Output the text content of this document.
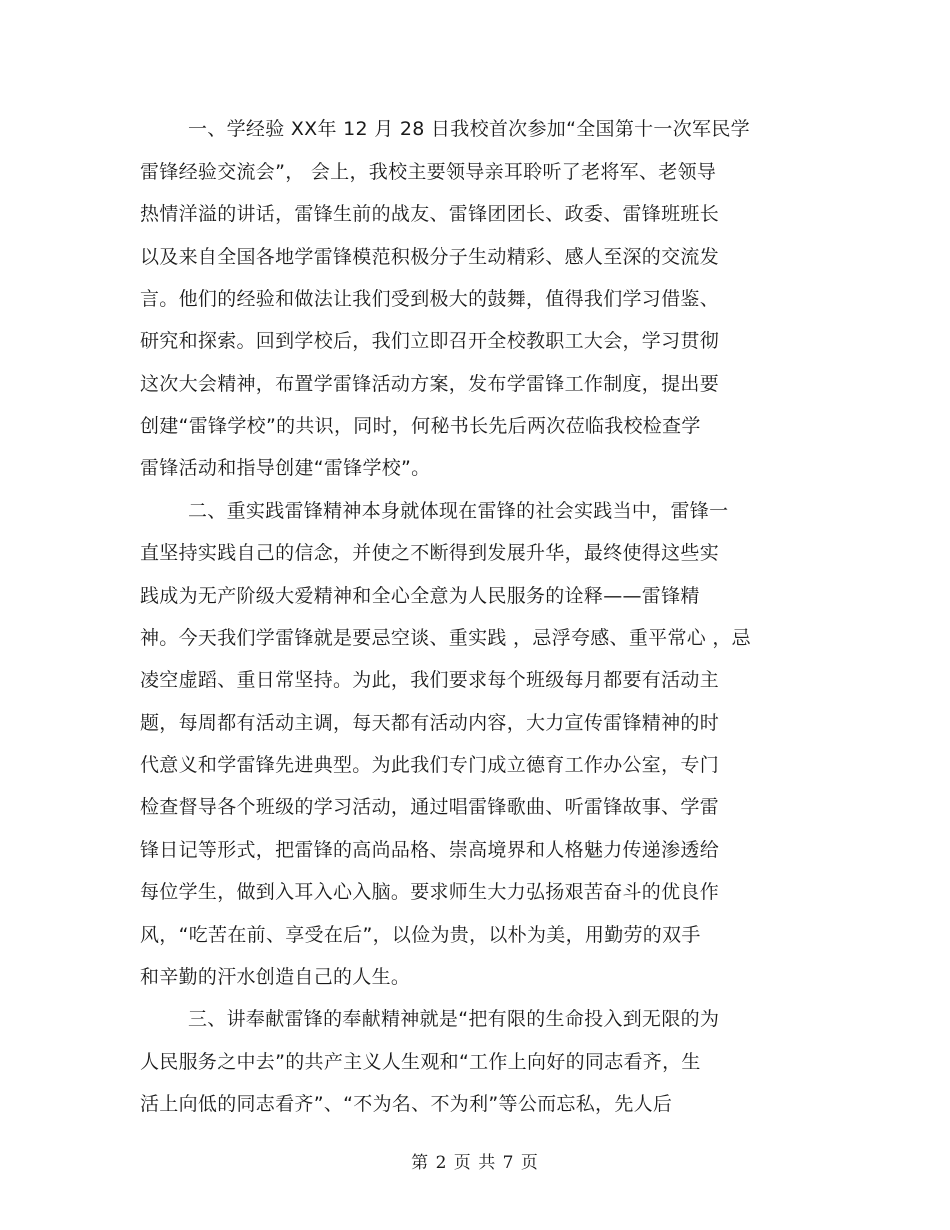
一、学经验 XX年 12 月 28 日我校首次参加“全国第十一次军民学
雷锋经验交流会”， 会上，我校主要领导亲耳聆听了老将军、老领导
热情洋溢的讲话，雷锋生前的战友、雷锋团团长、政委、雷锋班班长
以及来自全国各地学雷锋模范积极分子生动精彩、感人至深的交流发
言。他们的经验和做法让我们受到极大的鼓舞，值得我们学习借鉴、
研究和探索。回到学校后，我们立即召开全校教职工大会，学习贯彻
这次大会精神，布置学雷锋活动方案，发布学雷锋工作制度，提出要
创建“雷锋学校”的共识，同时，何秘书长先后两次莅临我校检查学
雷锋活动和指导创建“雷锋学校”。
二、重实践雷锋精神本身就体现在雷锋的社会实践当中，雷锋一
直坚持实践自己的信念，并使之不断得到发展升华，最终使得这些实
践成为无产阶级大爱精神和全心全意为人民服务的诠释——雷锋精
神。今天我们学雷锋就是要忌空谈、重实践 ，忌浮夸感、重平常心 ，忌
凌空虚蹈、重日常坚持。为此，我们要求每个班级每月都要有活动主
题，每周都有活动主调，每天都有活动内容，大力宣传雷锋精神的时
代意义和学雷锋先进典型。为此我们专门成立德育工作办公室，专门
检查督导各个班级的学习活动，通过唱雷锋歌曲、听雷锋故事、学雷
锋日记等形式，把雷锋的高尚品格、崇高境界和人格魅力传递渗透给
每位学生，做到入耳入心入脑。要求师生大力弘扬艰苦奋斗的优良作
风，“吃苦在前、享受在后”，以俭为贵，以朴为美，用勤劳的双手
和辛勤的汗水创造自己的人生。
三、讲奉献雷锋的奉献精神就是“把有限的生命投入到无限的为
人民服务之中去”的共产主义人生观和“工作上向好的同志看齐，生
活上向低的同志看齐”、“不为名、不为利”等公而忘私，先人后
第 2 页 共 7 页
